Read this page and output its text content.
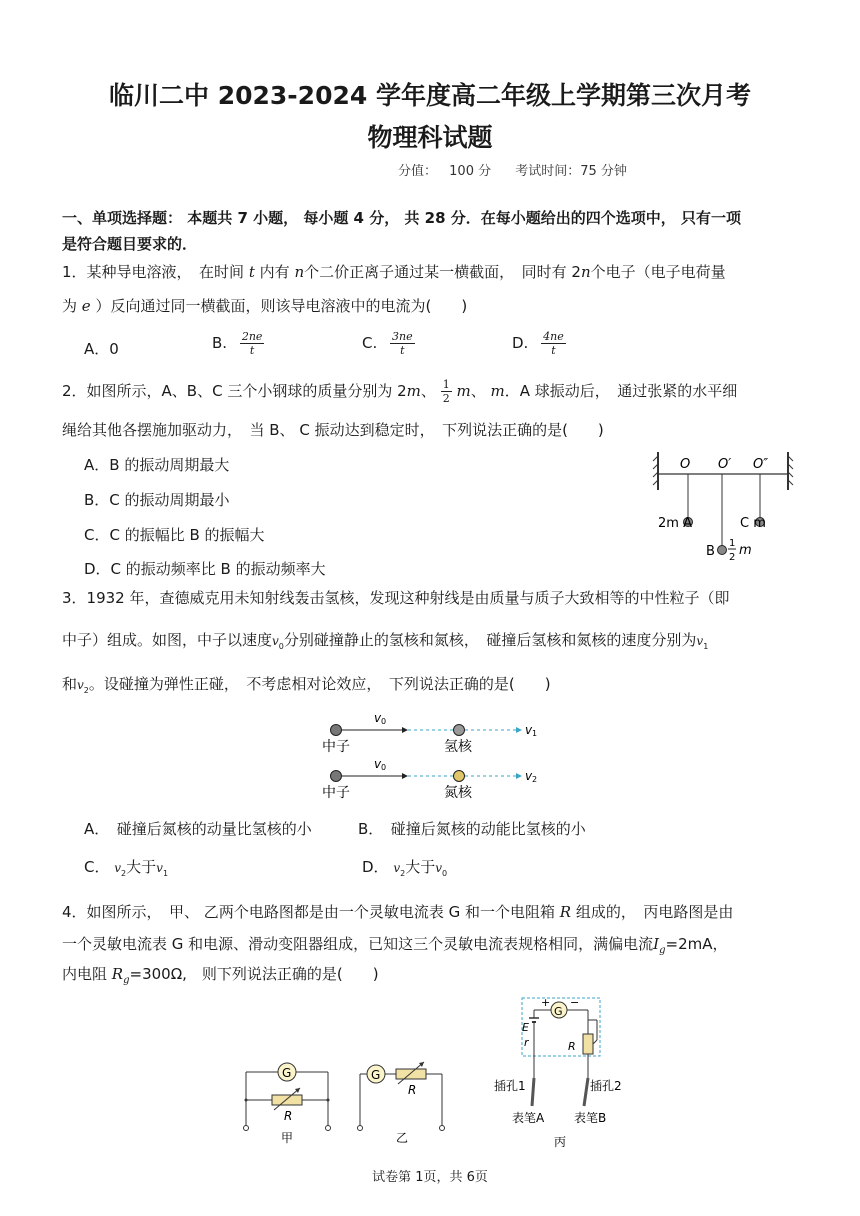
临川二中 2023-2024 学年度高二年级上学期第三次月考
物理科试题
分值： 100 分 考试时间：75 分钟
一、单项选择题： 本题共 7 小题， 每小题 4 分， 共 28 分．在每小题给出的四个选项中， 只有一项
是符合题目要求的．
1．某种导电溶液，　在时间 t 内有 n个二价正离子通过某一横截面，　同时有 2n个电子（电子电荷量
为 e ）反向通过同一横截面，则该导电溶液中的电流为(　　)
A．0	B. $\frac{2ne}{t}$	C. $\frac{3ne}{t}$	D. $\frac{4ne}{t}$
2．如图所示，A、B、C 三个小钢球的质量分别为 2m、 $\frac{1}{2}$ m、 m．A 球振动后，　通过张紧的水平细
绳给其他各摆施加驱动力，　当 B、 C 振动达到稳定时，　下列说法正确的是(　　)
A．B 的振动周期最大
B．C 的振动周期最小
C．C 的振幅比 B 的振幅大
D．C 的振动频率比 B 的振动频率大
O O′ O″
2m A
B
1
2 m
C m
3．1932 年，查德威克用未知射线轰击氢核，发现这种射线是由质量与质子大致相等的中性粒子（即
中子）组成。如图，中子以速度$v_0$分别碰撞静止的氢核和氮核，　碰撞后氢核和氮核的速度分别为$v_1$
和$v_2$。设碰撞为弹性正碰，　不考虑相对论效应，　下列说法正确的是(　　)
v 0
v 1
中子	氢核
v 0
v 2
中子	氮核
A．　碰撞后氮核的动量比氢核的小	B．　碰撞后氮核的动能比氢核的小
C． $v_2$大于$v_1$	D． $v_2$大于$v_0$
4．如图所示，　甲、 乙两个电路图都是由一个灵敏电流表 G 和一个电阻箱 R 组成的，　丙电路图是由
一个灵敏电流表 G 和电源、滑动变阻器组成，已知这三个灵敏电流表规格相同，满偏电流$I_g=2mA$，
内电阻 $R_g=300\Omega$,　则下列说法正确的是(　　)
G
R
甲
G
R
乙
G
+ −
E
r	R
插孔1	插孔2
表笔A 表笔B
丙
试卷第 1页，共 6页
